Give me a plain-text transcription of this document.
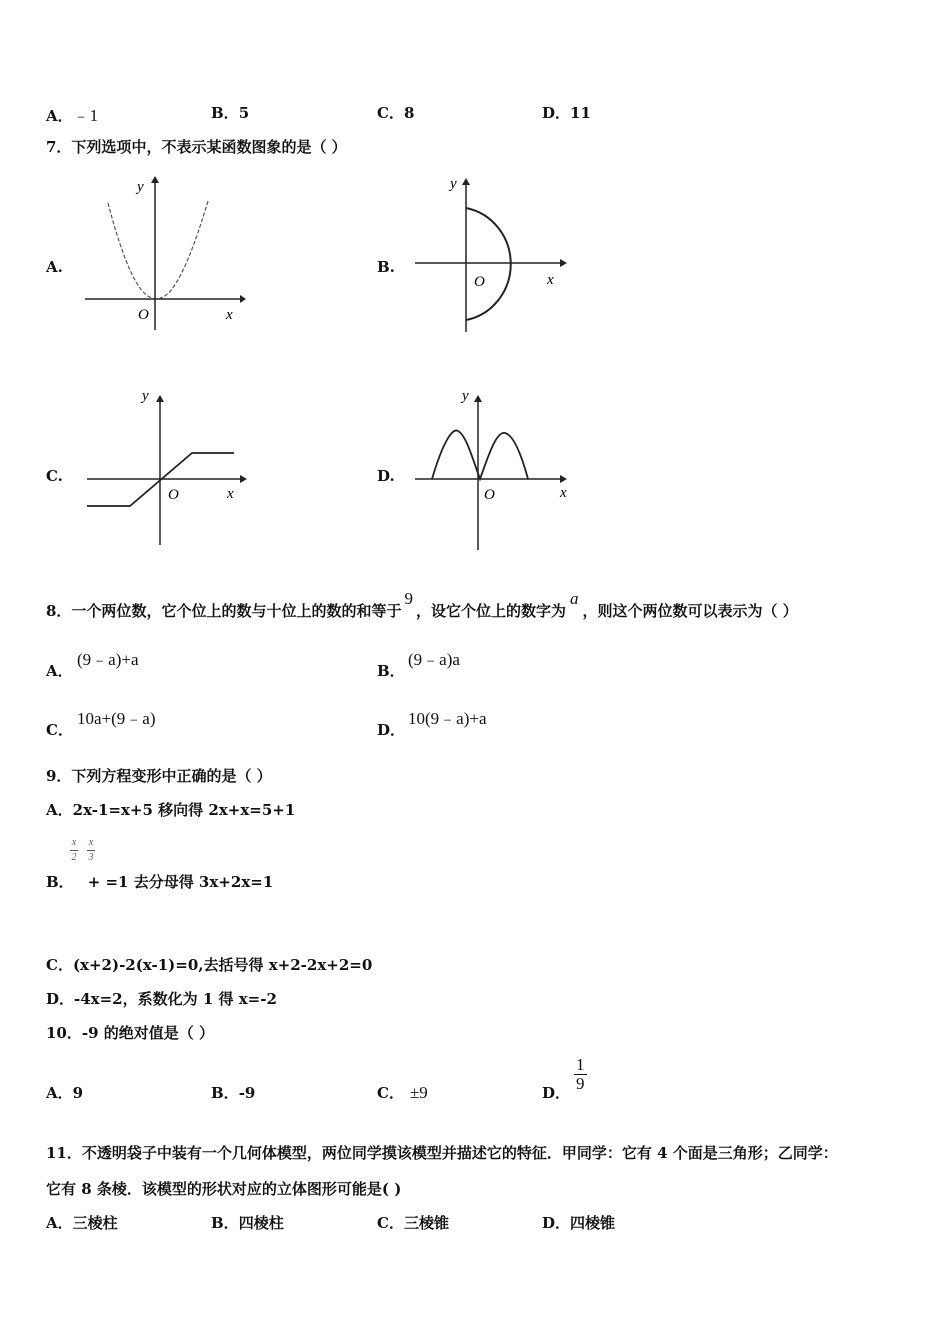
A．﹣1	B．5	C．8	D．11
7．下列选项中，不表示某函数图象的是（ ）
A.
y
O	x
B.
y
O	x
C.
y
O	x
D.
y
O	x
8．一个两位数，它个位上的数与十位上的数的和等于9，设它个位上的数字为a，则这个两位数可以表示为（ ）
A．
(9﹣a)+a
B．
(9﹣a)a
C．
10a+(9﹣a)
D．
10(9﹣a)+a
9．下列方程变形中正确的是（ ）
A．2x-1=x+5 移向得 2x+x=5+1
x
2
x
3
B． + =1 去分母得 3x+2x=1
C．(x+2)-2(x-1)=0,去括号得 x+2-2x+2=0
D．-4x=2，系数化为 1 得 x=-2
10．-9 的绝对值是（ ）
A．9	B．-9	C． ±9	D． $\frac{1}{9}$
11．不透明袋子中装有一个几何体模型，两位同学摸该模型并描述它的特征．甲同学：它有 4 个面是三角形；乙同学：
它有 8 条棱．该模型的形状对应的立体图形可能是( )
A．三棱柱	B．四棱柱	C．三棱锥	D．四棱锥
